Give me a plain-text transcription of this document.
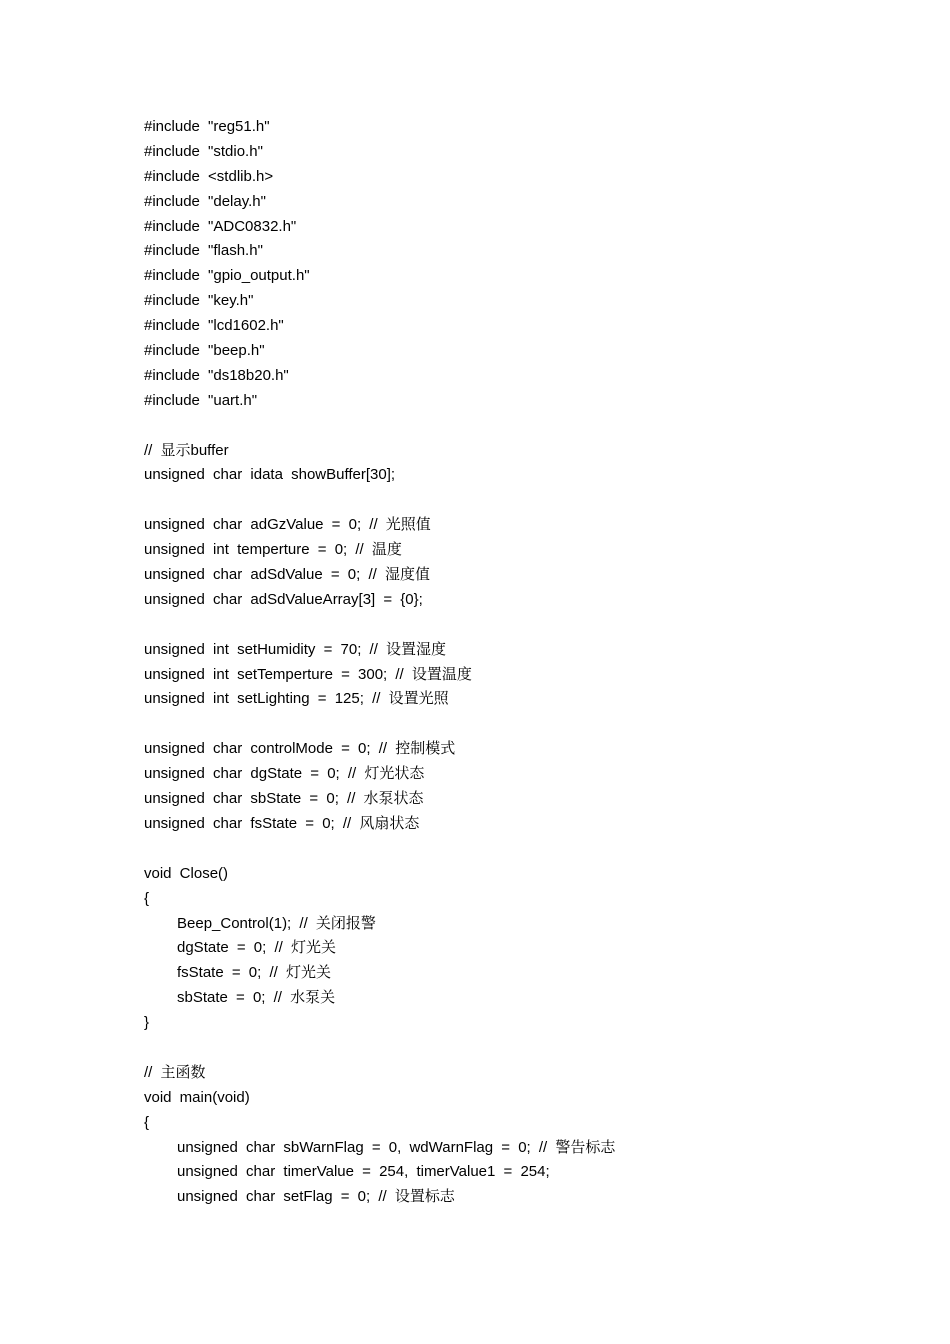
#include "reg51.h"
#include "stdio.h"
#include <stdlib.h>
#include "delay.h"
#include "ADC0832.h"
#include "flash.h"
#include "gpio_output.h"
#include "key.h"
#include "lcd1602.h"
#include "beep.h"
#include "ds18b20.h"
#include "uart.h"
// 显示buffer
unsigned char idata showBuffer[30];
unsigned char adGzValue = 0; // 光照值
unsigned int temperture = 0; // 温度
unsigned char adSdValue = 0; // 湿度值
unsigned char adSdValueArray[3] = {0};
unsigned int setHumidity = 70; // 设置湿度
unsigned int setTemperture = 300; // 设置温度
unsigned int setLighting = 125; // 设置光照
unsigned char controlMode = 0; // 控制模式
unsigned char dgState = 0; // 灯光状态
unsigned char sbState = 0; // 水泵状态
unsigned char fsState = 0; // 风扇状态
void Close()
{
Beep_Control(1); // 关闭报警
dgState = 0; // 灯光关
fsState = 0; // 灯光关
sbState = 0; // 水泵关
}
// 主函数
void main(void)
{
unsigned char sbWarnFlag = 0, wdWarnFlag = 0; // 警告标志
unsigned char timerValue = 254, timerValue1 = 254;
unsigned char setFlag = 0; // 设置标志
